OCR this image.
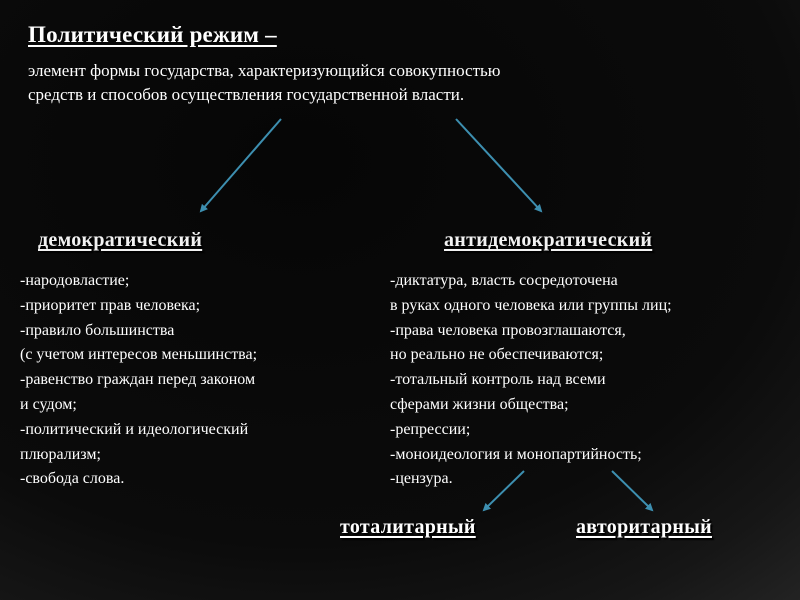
Политический режим –
элемент формы государства, характеризующийся совокупностью
средств и способов осуществления государственной власти.
демократический	антидемократический
-народовластие;
-приоритет прав человека;
-правило большинства
(с учетом интересов меньшинства;
-равенство граждан перед законом
и судом;
-политический и идеологический
плюрализм;
-свобода слова.
-диктатура, власть сосредоточена
в руках одного человека или группы лиц;
-права человека провозглашаются,
но реально не обеспечиваются;
-тотальный контроль над всеми
сферами жизни общества;
-репрессии;
-моноидеология и монопартийность;
-цензура.
тоталитарный	авторитарный
